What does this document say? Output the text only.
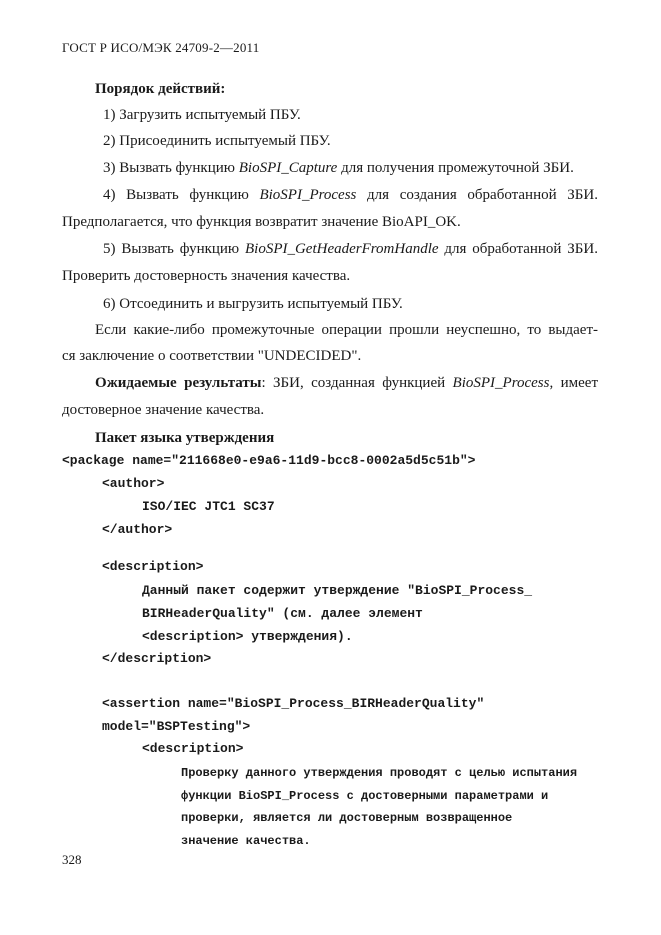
ГОСТ Р ИСО/МЭК 24709-2—2011
Порядок действий:
1) Загрузить испытуемый ПБУ.
2) Присоединить испытуемый ПБУ.
3) Вызвать функцию BioSPI_Capture для получения промежуточной ЗБИ.
4) Вызвать функцию BioSPI_Process для создания обработанной ЗБИ.
Предполагается, что функция возвратит значение BioAPI_OK.
5) Вызвать функцию BioSPI_GetHeaderFromHandle для обработанной ЗБИ.
Проверить достоверность значения качества.
6) Отсоединить и выгрузить испытуемый ПБУ.
Если какие-либо промежуточные операции прошли неуспешно, то выдает-
ся заключение о соответствии "UNDECIDED".
Ожидаемые результаты: ЗБИ, созданная функцией BioSPI_Process, имеет
достоверное значение качества.
Пакет языка утверждения
<package name="211668e0-e9a6-11d9-bcc8-0002a5d5c51b">
<author>
ISO/IEC JTC1 SC37
</author>
<description>
Данный пакет содержит утверждение "BioSPI_Process_
BIRHeaderQuality" (см. далее элемент
<description> утверждения).
</description>
<assertion name="BioSPI_Process_BIRHeaderQuality"
model="BSPTesting">
<description>
Проверку данного утверждения проводят с целью испытания
функции BioSPI_Process с достоверными параметрами и
проверки, является ли достоверным возвращенное
значение качества.
328
